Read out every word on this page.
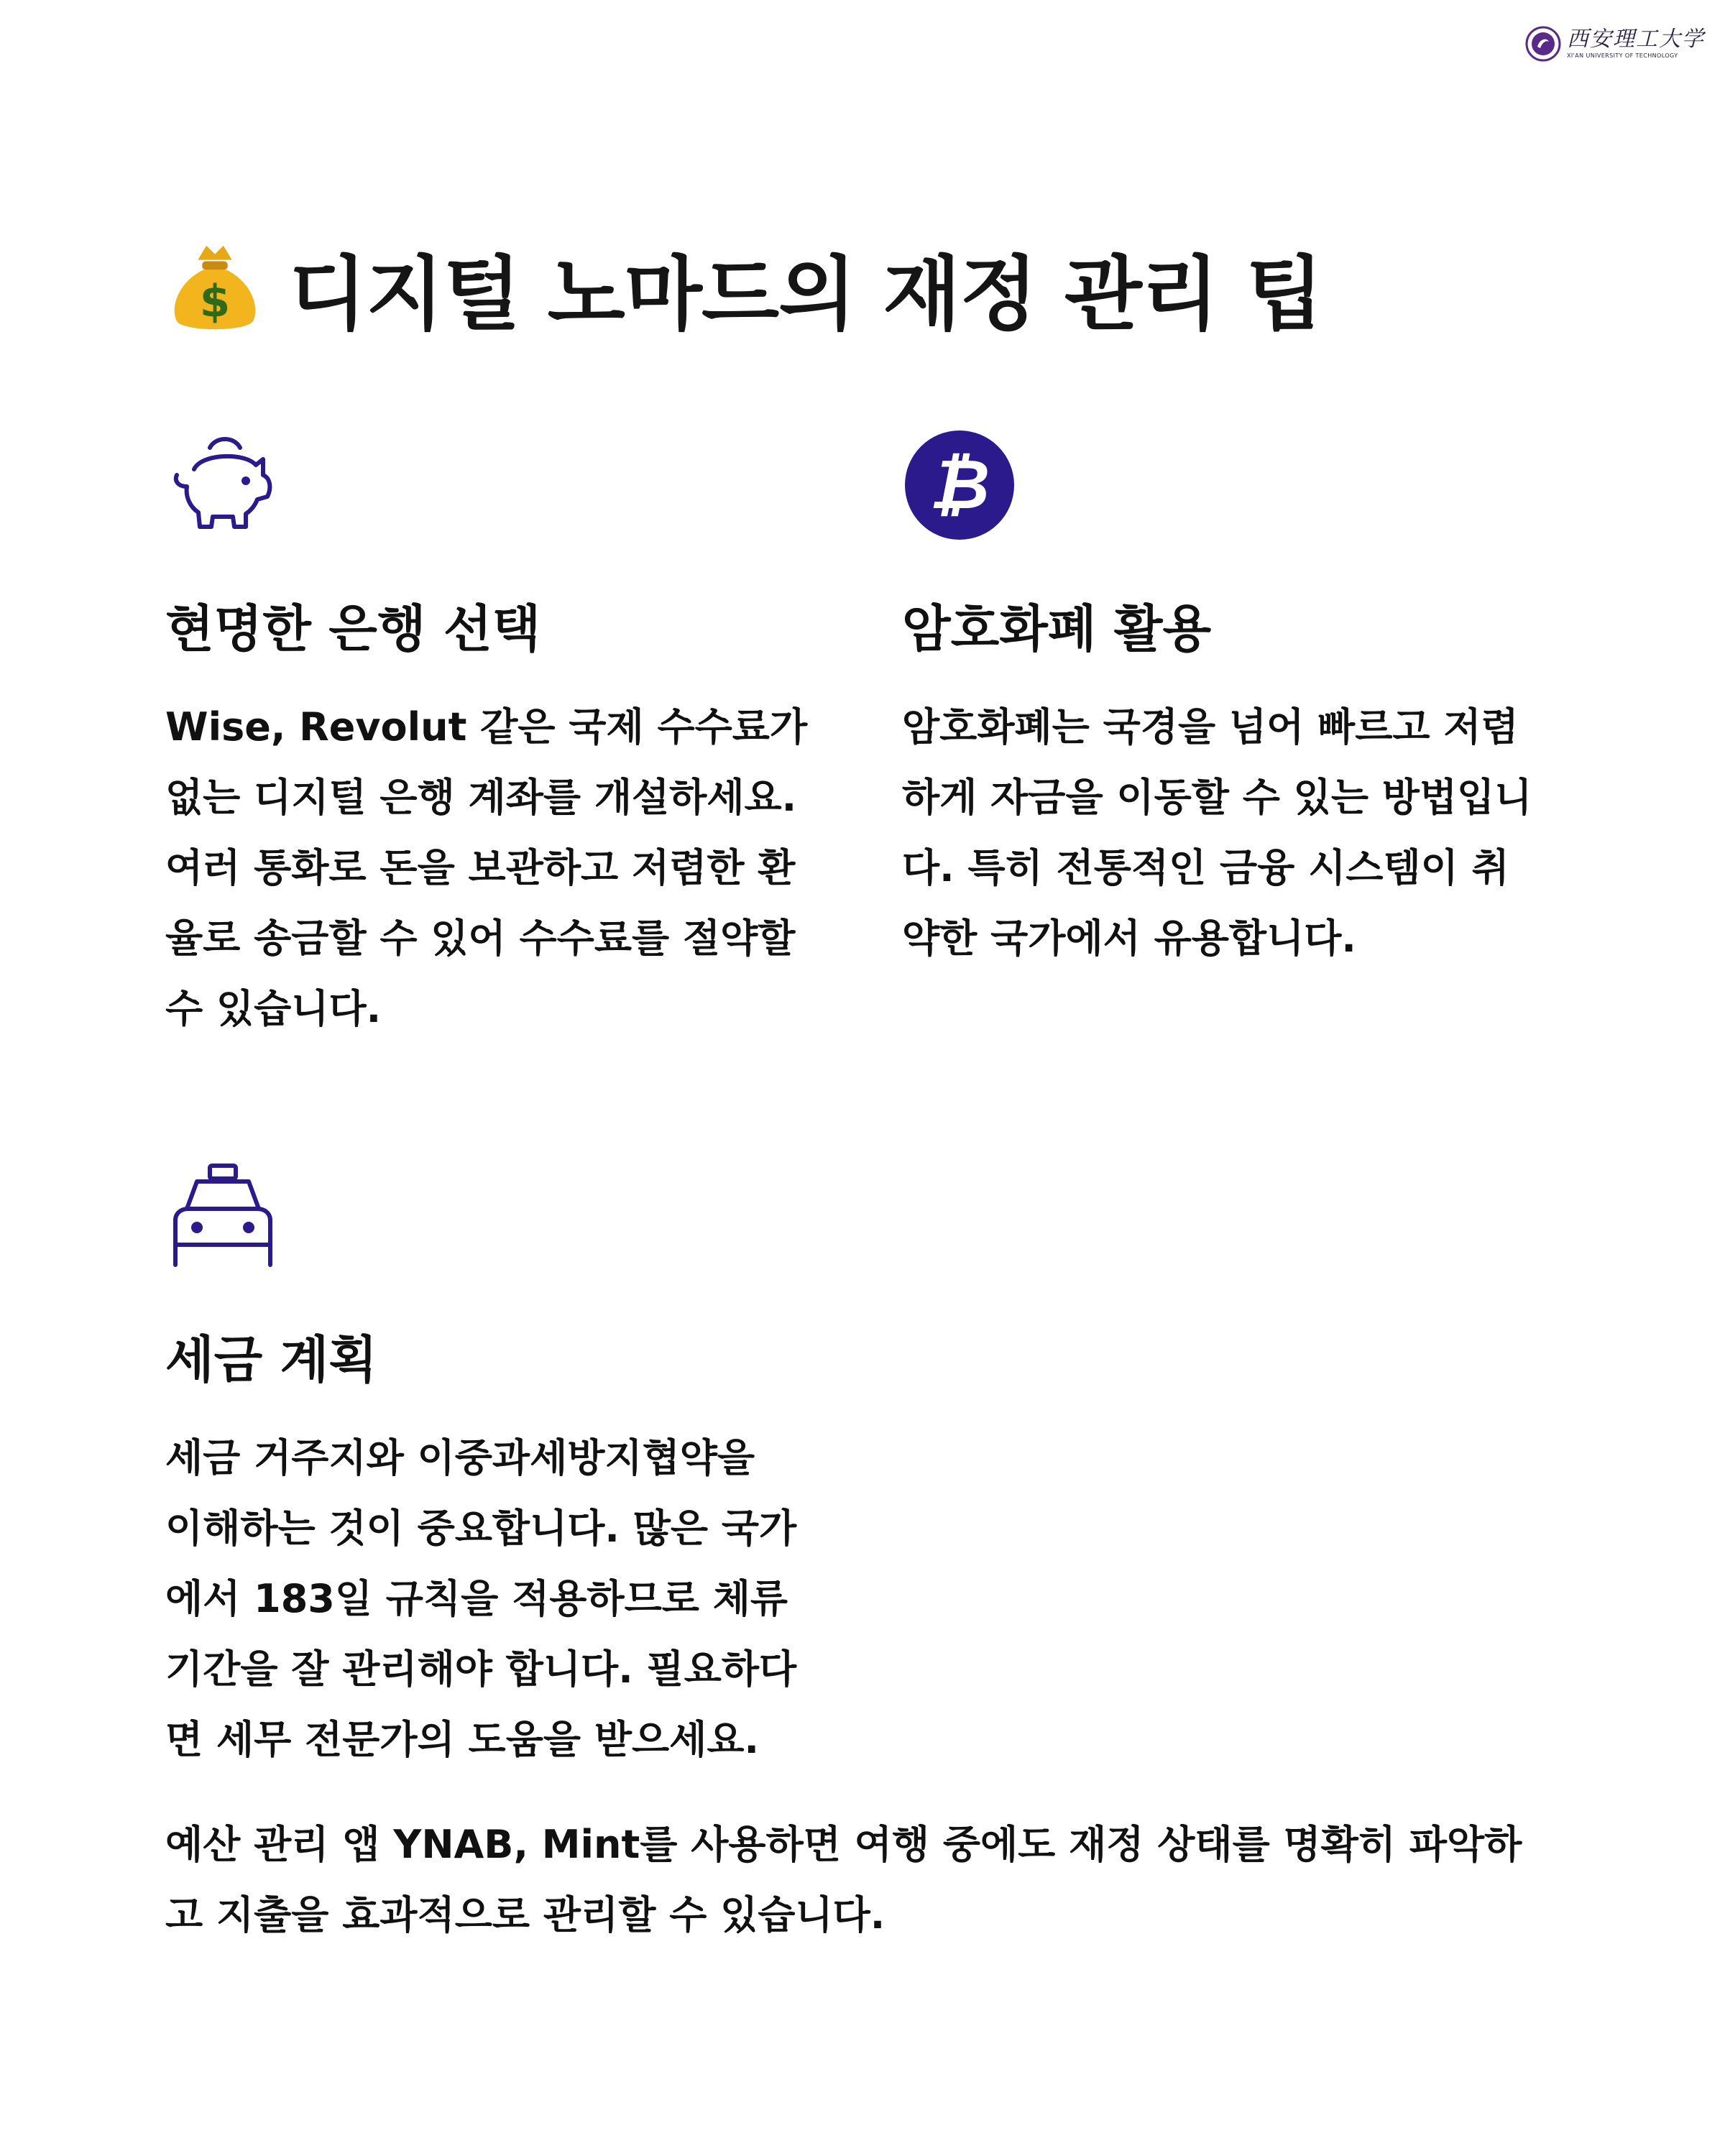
西安理工大学
XI'AN UNIVERSITY OF TECHNOLOGY
$ 디지털 노마드의 재정 관리 팁
현명한 은행 선택
Wise, Revolut 같은 국제 수수료가
없는 디지털 은행 계좌를 개설하세요.
여러 통화로 돈을 보관하고 저렴한 환
율로 송금할 수 있어 수수료를 절약할
수 있습니다.
₿
암호화폐 활용
암호화폐는 국경을 넘어 빠르고 저렴
하게 자금을 이동할 수 있는 방법입니
다. 특히 전통적인 금융 시스템이 취
약한 국가에서 유용합니다.
세금 계획
세금 거주지와 이중과세방지협약을
이해하는 것이 중요합니다. 많은 국가
에서 183일 규칙을 적용하므로 체류
기간을 잘 관리해야 합니다. 필요하다
면 세무 전문가의 도움을 받으세요.
예산 관리 앱 YNAB, Mint를 사용하면 여행 중에도 재정 상태를 명확히 파악하
고 지출을 효과적으로 관리할 수 있습니다.
